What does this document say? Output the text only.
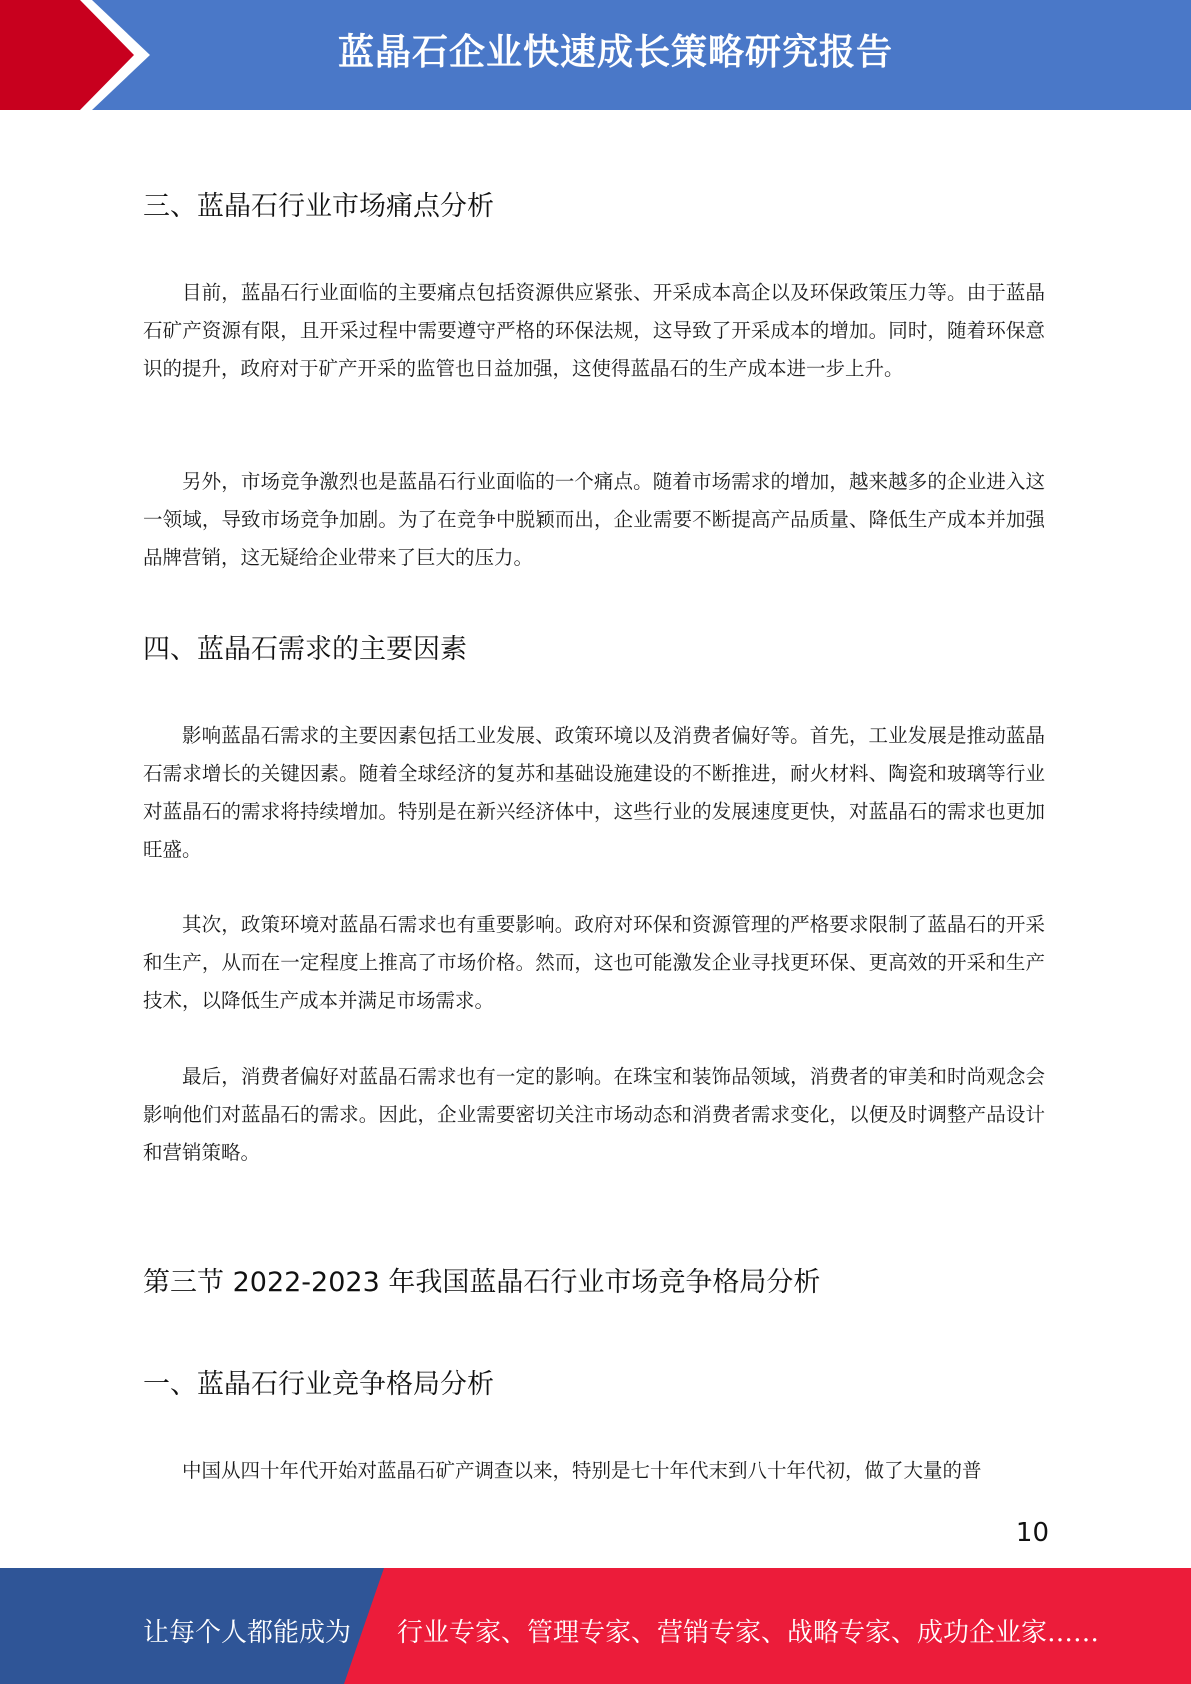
蓝晶石企业快速成长策略研究报告
三、蓝晶石行业市场痛点分析
目前，蓝晶石行业面临的主要痛点包括资源供应紧张、开采成本高企以及环保政策压力等。由于蓝晶石矿产资源有限，且开采过程中需要遵守严格的环保法规，这导致了开采成本的增加。同时，随着环保意识的提升，政府对于矿产开采的监管也日益加强，这使得蓝晶石的生产成本进一步上升。
另外，市场竞争激烈也是蓝晶石行业面临的一个痛点。随着市场需求的增加，越来越多的企业进入这一领域，导致市场竞争加剧。为了在竞争中脱颖而出，企业需要不断提高产品质量、降低生产成本并加强品牌营销，这无疑给企业带来了巨大的压力。
四、蓝晶石需求的主要因素
影响蓝晶石需求的主要因素包括工业发展、政策环境以及消费者偏好等。首先，工业发展是推动蓝晶石需求增长的关键因素。随着全球经济的复苏和基础设施建设的不断推进，耐火材料、陶瓷和玻璃等行业对蓝晶石的需求将持续增加。特别是在新兴经济体中，这些行业的发展速度更快，对蓝晶石的需求也更加旺盛。
其次，政策环境对蓝晶石需求也有重要影响。政府对环保和资源管理的严格要求限制了蓝晶石的开采和生产，从而在一定程度上推高了市场价格。然而，这也可能激发企业寻找更环保、更高效的开采和生产技术，以降低生产成本并满足市场需求。
最后，消费者偏好对蓝晶石需求也有一定的影响。在珠宝和装饰品领域，消费者的审美和时尚观念会影响他们对蓝晶石的需求。因此，企业需要密切关注市场动态和消费者需求变化，以便及时调整产品设计和营销策略。
第三节 2022-2023 年我国蓝晶石行业市场竞争格局分析
一、蓝晶石行业竞争格局分析
中国从四十年代开始对蓝晶石矿产调查以来，特别是七十年代末到八十年代初，做了大量的普
10
让每个人都能成为 行业专家、管理专家、营销专家、战略专家、成功企业家……
